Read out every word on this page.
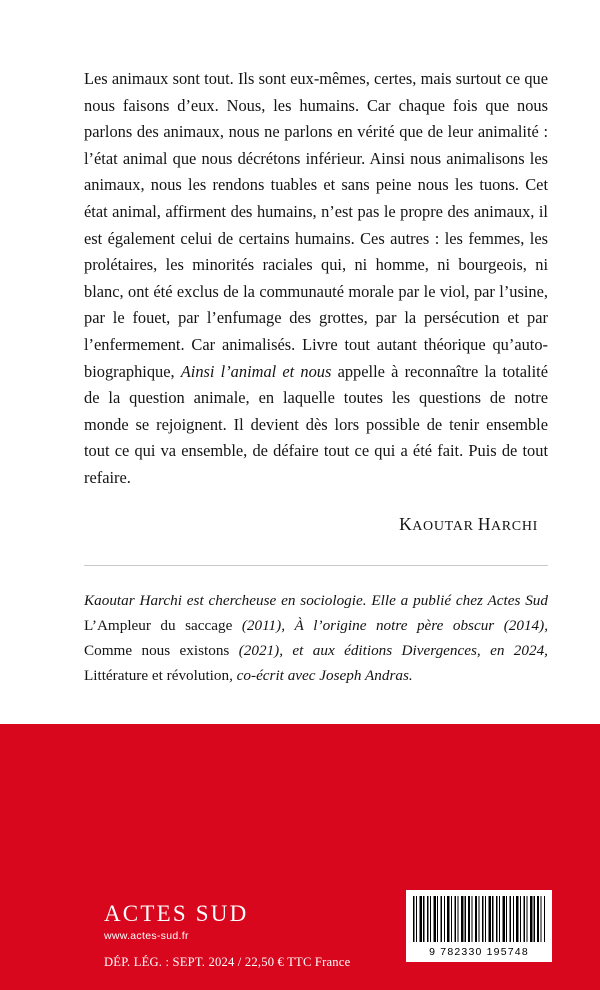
Les animaux sont tout. Ils sont eux-mêmes, certes, mais surtout ce que nous faisons d’eux. Nous, les humains. Car chaque fois que nous parlons des animaux, nous ne parlons en vérité que de leur animalité : l’état animal que nous décrétons inférieur. Ainsi nous animalisons les animaux, nous les rendons tuables et sans peine nous les tuons. Cet état animal, affirment des humains, n’est pas le propre des animaux, il est également celui de certains humains. Ces autres : les femmes, les prolétaires, les minorités raciales qui, ni homme, ni bourgeois, ni blanc, ont été exclus de la communauté morale par le viol, par l’usine, par le fouet, par l’enfumage des grottes, par la persécution et par l’enfermement. Car animalisés. Livre tout autant théorique qu’auto-biographique, Ainsi l’animal et nous appelle à reconnaître la totalité de la question animale, en laquelle toutes les questions de notre monde se rejoignent. Il devient dès lors possible de tenir ensemble tout ce qui va ensemble, de défaire tout ce qui a été fait. Puis de tout refaire.

KAOUTAR HARCHI

Kaoutar Harchi est chercheuse en sociologie. Elle a publié chez Actes Sud L’Ampleur du saccage (2011), À l’origine notre père obscur (2014), Comme nous existons (2021), et aux éditions Divergences, en 2024, Littérature et révolution, co-écrit avec Joseph Andras.

ACTES SUD
www.actes-sud.fr
DÉP. LÉG. : SEPT. 2024 / 22,50 € TTC France
9 782330 195748
